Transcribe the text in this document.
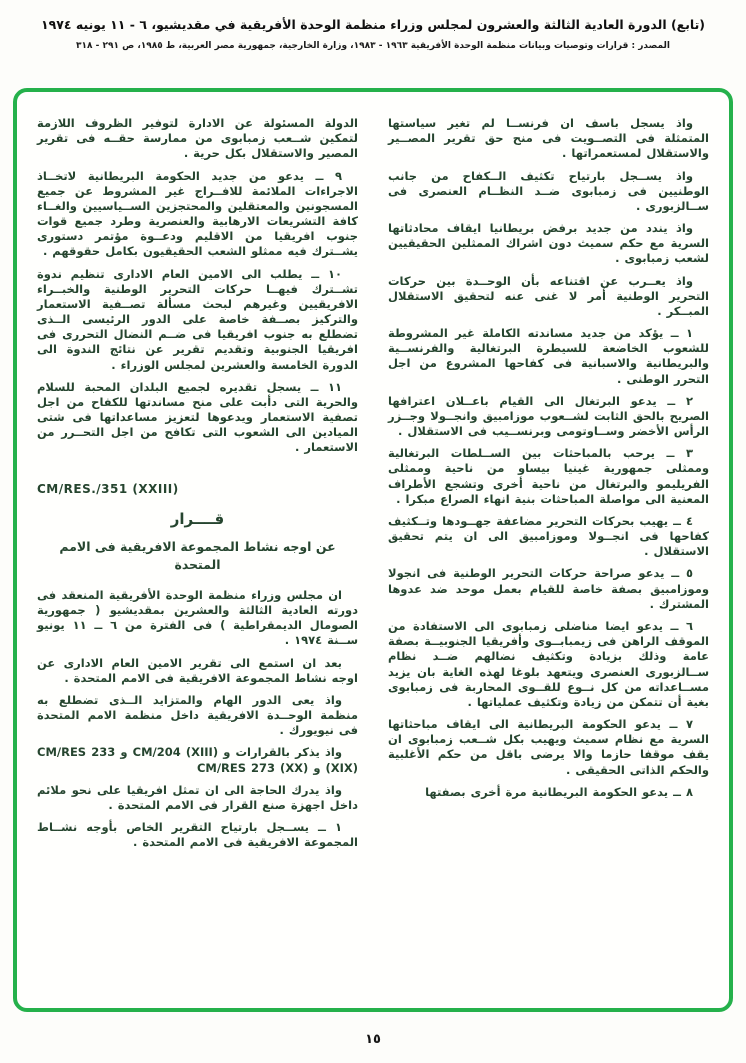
(تابع) الدورة العادية الثالثة والعشرون لمجلس وزراء منظمة الوحدة الأفريقية في مقديشيو، ٦ - ١١ يونيه ١٩٧٤
المصدر : قرارات وتوصيات وبيانات منظمة الوحدة الأفريقية ١٩٦٣ - ١٩٨٣، وزارة الخارجية، جمهورية مصر العربية، ط ١٩٨٥، ص ٢٩١ - ٣١٨

واذ يسجل باسف ان فرنســا لم تغير سياستها المتمثلة فى التصــويت فى منح حق تقرير المصــير والاستقلال لمستعمراتها .

واذ يســجل بارتياح تكثيف الــكفاح من جانب الوطنيين فى زمبابوى ضــد النظــام العنصرى فى ســالزبورى .

واذ يندد من جديد برفض بريطانيا ايقاف محادثاتها السرية مع حكم سميث دون اشراك الممثلين الحقيقيين لشعب زمبابوى .

واذ يعــرب عن اقتناعه بأن الوحــدة بين حركات التحرير الوطنية أمر لا غنى عنه لتحقيق الاستقلال المبــكر .

١ ــ يؤكد من جديد مساندته الكاملة غير المشروطة للشعوب الخاضعة للسيطرة البرتغالية والفرنســية والبريطانية والاسبانية فى كفاحها المشروع من اجل التحرر الوطنى .

٢ ــ يدعو البرتغال الى القيام باعــلان اعترافها الصريح بالحق الثابت لشــعوب موزامبيق وانجــولا وجــزر الرأس الأخضر وســاوتومى وبرنســيب فى الاستقلال .

٣ ــ يرحب بالمباحثات بين الســلطات البرتغالية وممثلى جمهورية غينيا بيساو من ناحية وممثلى الفريليمو والبرتغال من ناحية أخرى وتشجع الأطراف المعنية الى مواصلة المباحثات بنية انهاء الصراع مبكرا .

٤ ــ يهيب بحركات التحرير مضاعفة جهــودها وتــكثيف كفاحها فى انجــولا وموزامبيق الى ان يتم تحقيق الاستقلال .

٥ ــ يدعو صراحة حركات التحرير الوطنية فى انجولا وموزامبيق بصفة خاصة للقيام بعمل موحد ضد عدوها المشترك .

٦ ــ يدعو ايضا مناضلى زمبابوى الى الاستفادة من الموقف الراهن فى زيمبابــوى وأفريقيا الجنوبيــة بصفة عامة وذلك بزيادة وتكثيف نضالهم ضــد نظام ســالزبورى العنصرى ويتعهد بلوغا لهذه الغاية بان يزيد مســاعداته من كل نــوع للقــوى المحاربة فى زمبابوى بغية أن تتمكن من زيادة وتكثيف عملياتها .

٧ ــ يدعو الحكومة البريطانية الى ايقاف مباحثاتها السرية مع نظام سميث ويهيب بكل شــعب زمبابوى ان يقف موقفا حازما والا يرضى باقل من حكم الأغلبية والحكم الذاتى الحقيقى .

٨ ــ يدعو الحكومة البريطانية مرة أخرى بصفتها

الدولة المسئولة عن الادارة لتوفير الظروف اللازمة لتمكين شــعب زمبابوى من ممارسة حقــه فى تقرير المصير والاستقلال بكل حرية .

٩ ــ يدعو من جديد الحكومة البريطانية لاتخــاذ الاجراءات الملائمة للافــراج غير المشروط عن جميع المسجونين والمعتقلين والمحتجزين الســياسيين والغــاء كافة التشريعات الارهابية والعنصرية وطرد جميع قوات جنوب افريقيا من الاقليم ودعــوة مؤتمر دستورى يشــترك فيه ممثلو الشعب الحقيقيون بكامل حقوقهم .

١٠ ــ يطلب الى الامين العام الادارى تنظيم ندوة تشــترك فيهــا حركات التحرير الوطنية والخبــراء الافريقيين وغيرهم لبحث مسألة تصــفية الاستعمار والتركيز بصــفة خاصة على الدور الرئيسى الــذى تضطلع به جنوب افريقيا فى ضــم النضال التحررى فى افريقيا الجنوبية وتقديم تقرير عن نتائج الندوة الى الدورة الخامسة والعشرين لمجلس الوزراء .

١١ ــ يسجل تقديره لجميع البلدان المحبة للسلام والحرية التى دأبت على منح مساندتها للكفاح من اجل تصفية الاستعمار ويدعوها لتعزيز مساعداتها فى شتى الميادين الى الشعوب التى تكافح من اجل التحــرر من الاستعمار .

CM/RES./351 (XXIII)
قــــرار
عن اوجه نشاط المجموعة الافريقية فى الامم المتحدة

ان مجلس وزراء منظمة الوحدة الأفريقية المنعقد فى دورته العادية الثالثة والعشرين بمقديشيو ( جمهورية الصومال الديمقراطية ) فى الفترة من ٦ ــ ١١ يونيو ســنة ١٩٧٤ .

بعد ان استمع الى تقرير الامين العام الادارى عن اوجه نشاط المجموعة الافريقية فى الامم المتحدة .

واذ يعى الدور الهام والمتزايد الــذى تضطلع به منظمة الوحــدة الافريقية داخل منظمة الامم المتحدة فى نيويورك .

واذ يذكر بالقرارات و CM/204 (XIII) و CM/RES 233 (XIX) و CM/RES 273 (XX)

واذ يدرك الحاجة الى ان تمثل افريقيا على نحو ملائم داخل اجهزة صنع القرار فى الامم المتحدة .

١ ــ يســجل بارتياح التقرير الخاص بأوجه نشــاط المجموعة الافريقية فى الامم المتحدة .

١٥
